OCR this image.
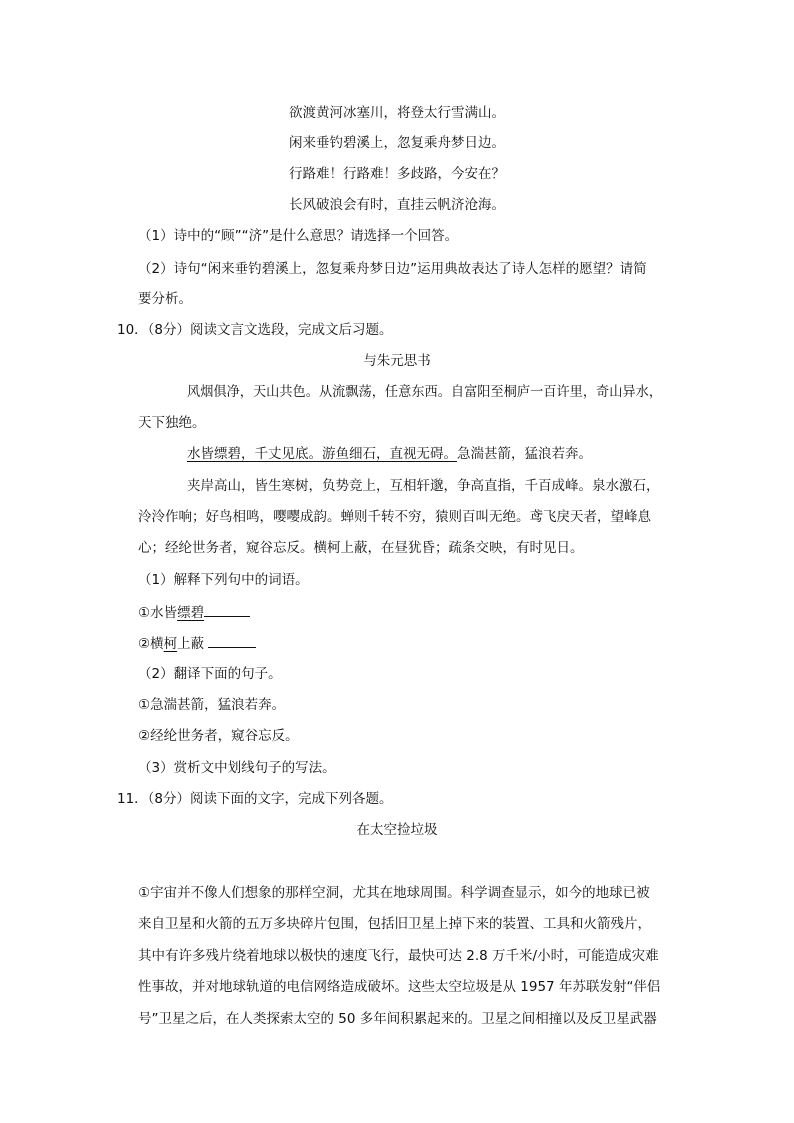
欲渡黄河冰塞川，将登太行雪满山。
闲来垂钓碧溪上，忽复乘舟梦日边。
行路难！行路难！多歧路，今安在？
长风破浪会有时，直挂云帆济沧海。
（1）诗中的“顾”“济”是什么意思？请选择一个回答。
（2）诗句“闲来垂钓碧溪上，忽复乘舟梦日边”运用典故表达了诗人怎样的愿望？请简
要分析。
10．（8分）阅读文言文选段，完成文后习题。
与朱元思书
风烟俱净，天山共色。从流飘荡，任意东西。自富阳至桐庐一百许里，奇山异水，
天下独绝。
水皆缥碧，千丈见底。游鱼细石，直视无碍。急湍甚箭，猛浪若奔。
夹岸高山，皆生寒树，负势竞上，互相轩邈，争高直指，千百成峰。泉水激石，
泠泠作响；好鸟相鸣，嘤嘤成韵。蝉则千转不穷，猿则百叫无绝。鸢飞戾天者，望峰息
心；经纶世务者，窥谷忘反。横柯上蔽，在昼犹昏；疏条交映，有时见日。
（1）解释下列句中的词语。
①水皆缥碧
②横柯上蔽
（2）翻译下面的句子。
①急湍甚箭，猛浪若奔。
②经纶世务者，窥谷忘反。
（3）赏析文中划线句子的写法。
11．（8分）阅读下面的文字，完成下列各题。
在太空捡垃圾
①宇宙并不像人们想象的那样空洞，尤其在地球周围。科学调查显示，如今的地球已被
来自卫星和火箭的五万多块碎片包围，包括旧卫星上掉下来的装置、工具和火箭残片，
其中有许多残片绕着地球以极快的速度飞行，最快可达 2.8 万千米/小时，可能造成灾难
性事故，并对地球轨道的电信网络造成破坏。这些太空垃圾是从 1957 年苏联发射“伴侣
号”卫星之后，在人类探索太空的 50 多年间积累起来的。卫星之间相撞以及反卫星武器
